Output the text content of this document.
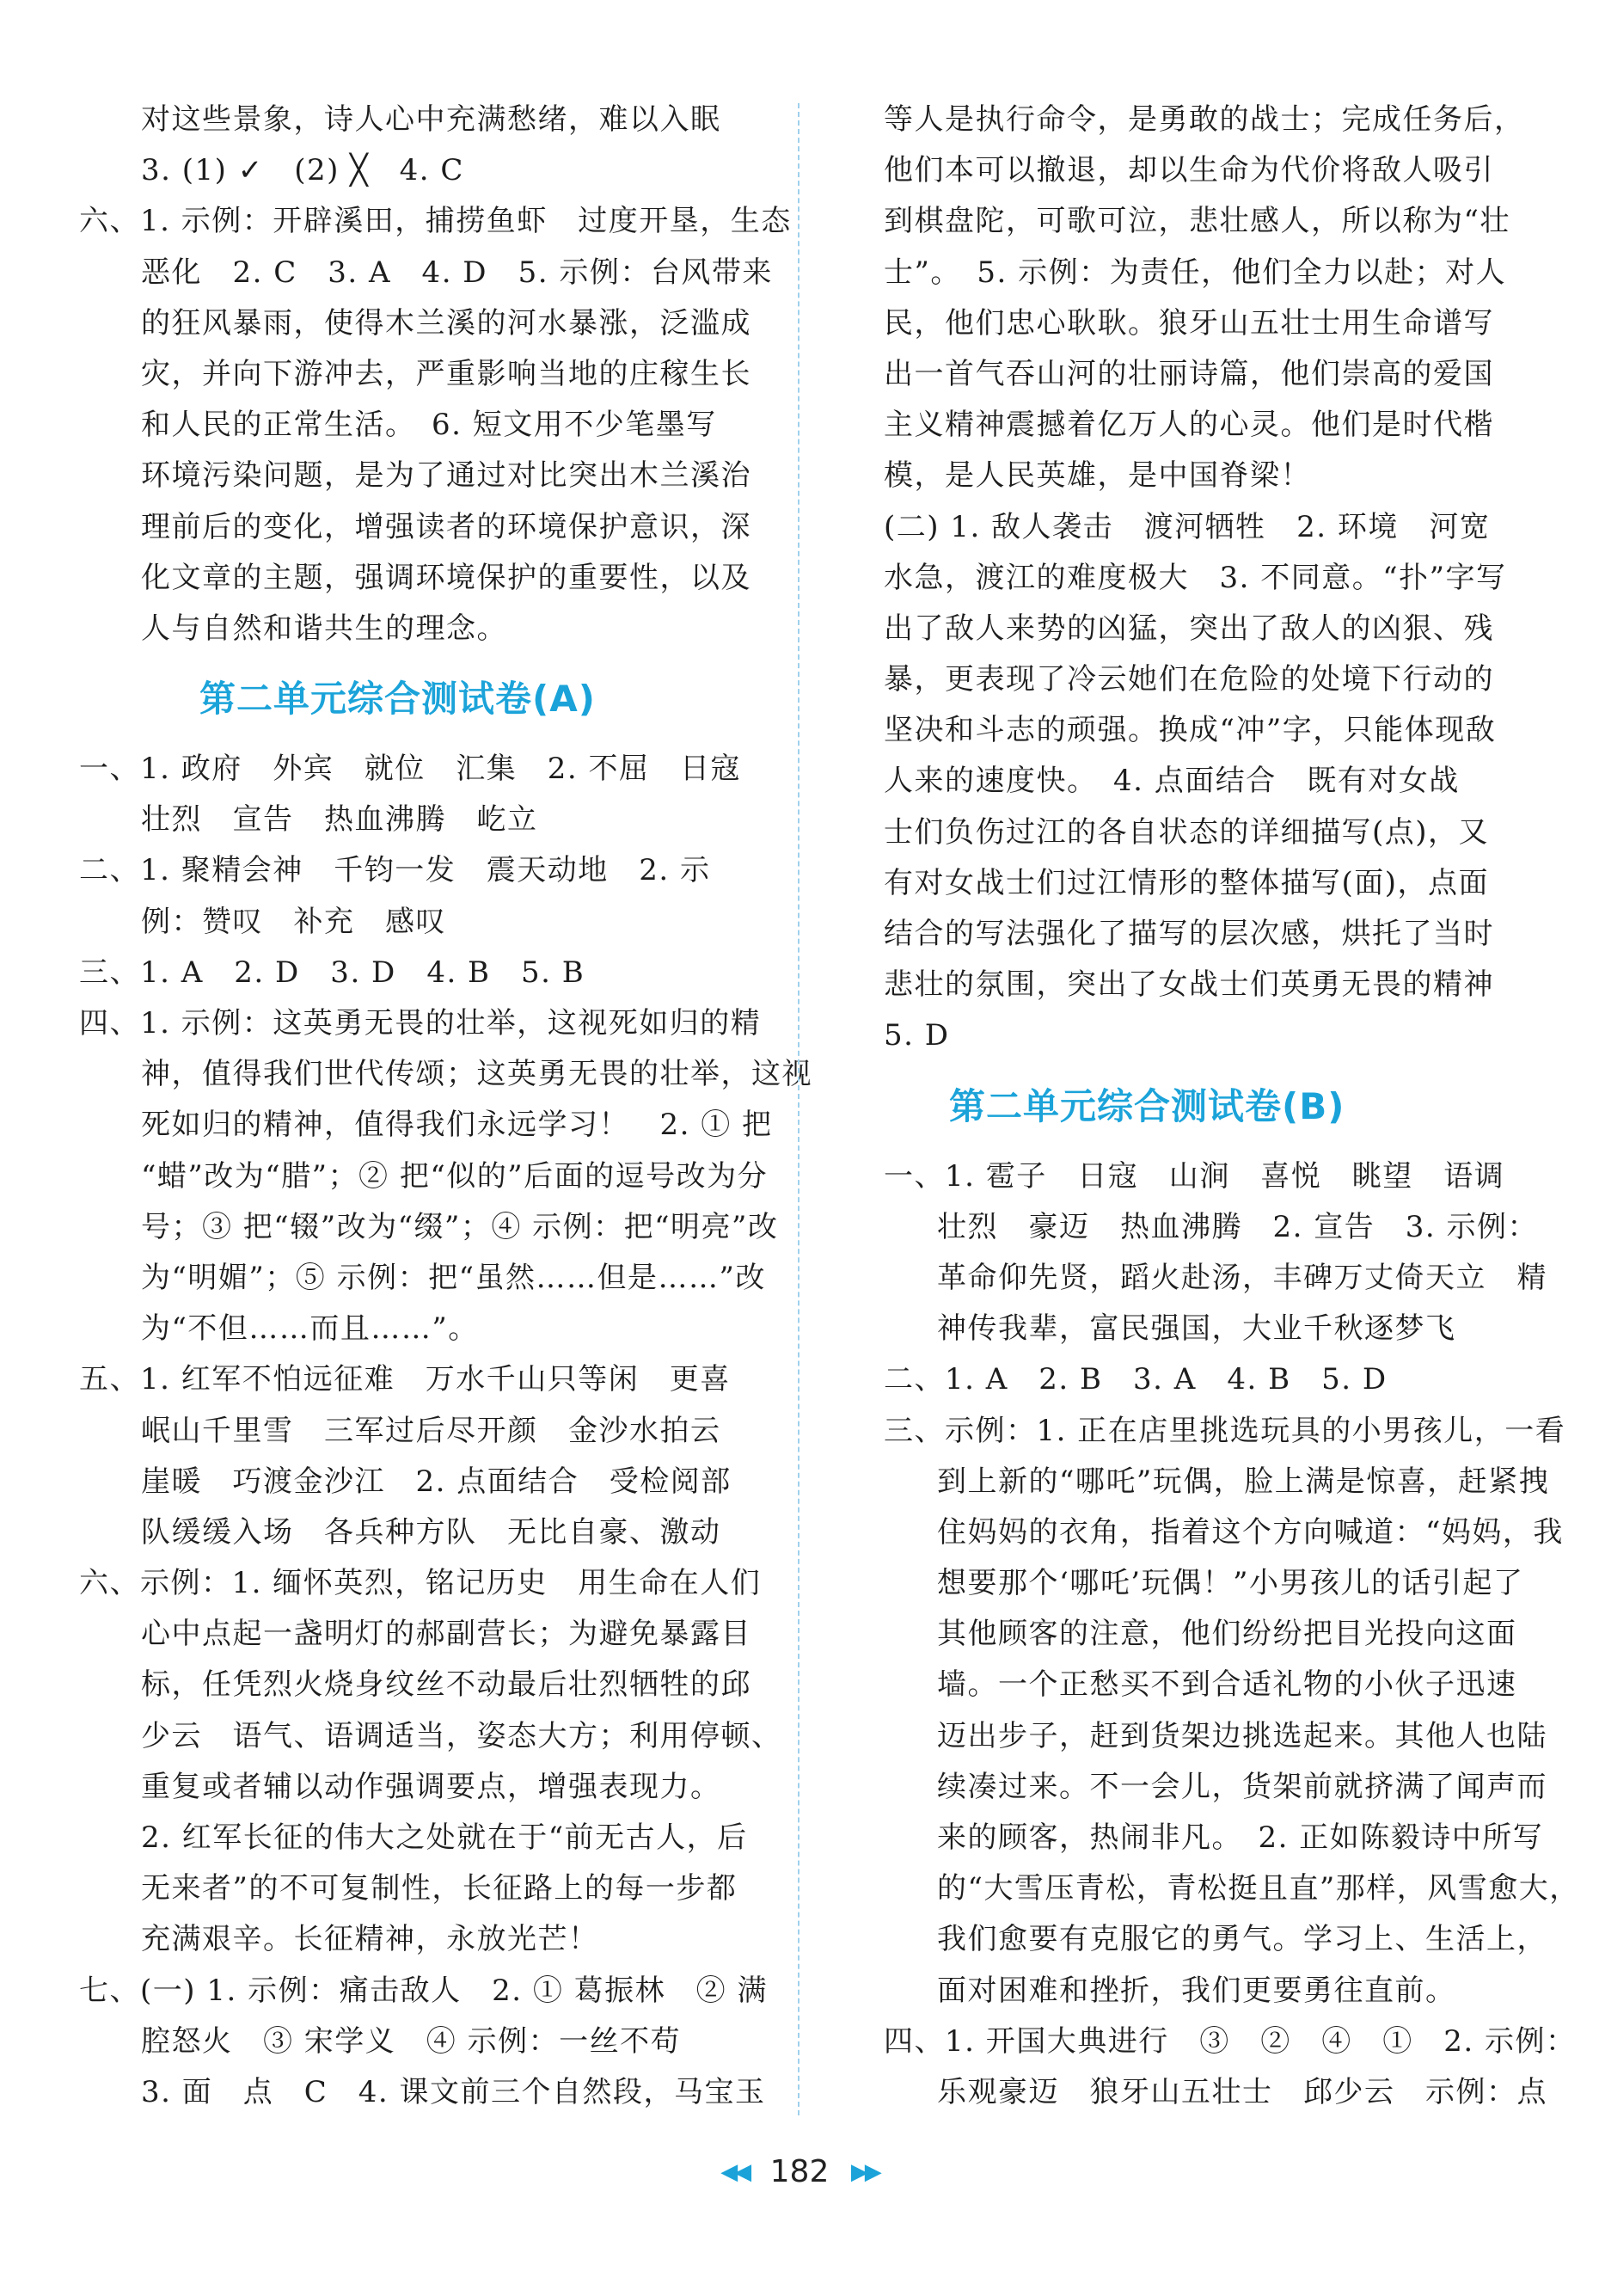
对这些景象，诗人心中充满愁绪，难以入眠
3. (1) ✓　(2) ╳　4. C
六、1. 示例：开辟溪田，捕捞鱼虾　过度开垦，生态
恶化　2. C　3. A　4. D　5. 示例：台风带来
的狂风暴雨，使得木兰溪的河水暴涨，泛滥成
灾，并向下游冲去，严重影响当地的庄稼生长
和人民的正常生活。　6. 短文用不少笔墨写
环境污染问题，是为了通过对比突出木兰溪治
理前后的变化，增强读者的环境保护意识，深
化文章的主题，强调环境保护的重要性，以及
人与自然和谐共生的理念。
第二单元综合测试卷(A)
一、1. 政府　外宾　就位　汇集　2. 不屈　日寇
壮烈　宣告　热血沸腾　屹立
二、1. 聚精会神　千钧一发　震天动地　2. 示
例：赞叹　补充　感叹
三、1. A　2. D　3. D　4. B　5. B
四、1. 示例：这英勇无畏的壮举，这视死如归的精
神，值得我们世代传颂；这英勇无畏的壮举，这视
死如归的精神，值得我们永远学习！　2. ① 把
“蜡”改为“腊”；② 把“似的”后面的逗号改为分
号；③ 把“辍”改为“缀”；④ 示例：把“明亮”改
为“明媚”；⑤ 示例：把“虽然……但是……”改
为“不但……而且……”。
五、1. 红军不怕远征难　万水千山只等闲　更喜
岷山千里雪　三军过后尽开颜　金沙水拍云
崖暖　巧渡金沙江　2. 点面结合　受检阅部
队缓缓入场　各兵种方队　无比自豪、激动
六、示例：1. 缅怀英烈，铭记历史　用生命在人们
心中点起一盏明灯的郝副营长；为避免暴露目
标，任凭烈火烧身纹丝不动最后壮烈牺牲的邱
少云　语气、语调适当，姿态大方；利用停顿、
重复或者辅以动作强调要点，增强表现力。
2. 红军长征的伟大之处就在于“前无古人，后
无来者”的不可复制性，长征路上的每一步都
充满艰辛。长征精神，永放光芒！
七、(一) 1. 示例：痛击敌人　2. ① 葛振林　② 满
腔怒火　③ 宋学义　④ 示例：一丝不苟
3. 面　点　C　4. 课文前三个自然段，马宝玉
等人是执行命令，是勇敢的战士；完成任务后，
他们本可以撤退，却以生命为代价将敌人吸引
到棋盘陀，可歌可泣，悲壮感人，所以称为“壮
士”。　5. 示例：为责任，他们全力以赴；对人
民，他们忠心耿耿。狼牙山五壮士用生命谱写
出一首气吞山河的壮丽诗篇，他们崇高的爱国
主义精神震撼着亿万人的心灵。他们是时代楷
模，是人民英雄，是中国脊梁！
(二) 1. 敌人袭击　渡河牺牲　2. 环境　河宽
水急，渡江的难度极大　3. 不同意。“扑”字写
出了敌人来势的凶猛，突出了敌人的凶狠、残
暴，更表现了冷云她们在危险的处境下行动的
坚决和斗志的顽强。换成“冲”字，只能体现敌
人来的速度快。　4. 点面结合　既有对女战
士们负伤过江的各自状态的详细描写(点)，又
有对女战士们过江情形的整体描写(面)，点面
结合的写法强化了描写的层次感，烘托了当时
悲壮的氛围，突出了女战士们英勇无畏的精神
5. D
第二单元综合测试卷(B)
一、1. 雹子　日寇　山涧　喜悦　眺望　语调
壮烈　豪迈　热血沸腾　2. 宣告　3. 示例：
革命仰先贤，蹈火赴汤，丰碑万丈倚天立　精
神传我辈，富民强国，大业千秋逐梦飞
二、1. A　2. B　3. A　4. B　5. D
三、示例：1. 正在店里挑选玩具的小男孩儿，一看
到上新的“哪吒”玩偶，脸上满是惊喜，赶紧拽
住妈妈的衣角，指着这个方向喊道：“妈妈，我
想要那个‘哪吒’玩偶！”小男孩儿的话引起了
其他顾客的注意，他们纷纷把目光投向这面
墙。一个正愁买不到合适礼物的小伙子迅速
迈出步子，赶到货架边挑选起来。其他人也陆
续凑过来。不一会儿，货架前就挤满了闻声而
来的顾客，热闹非凡。　2. 正如陈毅诗中所写
的“大雪压青松，青松挺且直”那样，风雪愈大，
我们愈要有克服它的勇气。学习上、生活上，
面对困难和挫折，我们更要勇往直前。
四、1. 开国大典进行　③　②　④　①　2. 示例：
乐观豪迈　狼牙山五壮士　邱少云　示例：点
◀◀ 182 ▶▶
